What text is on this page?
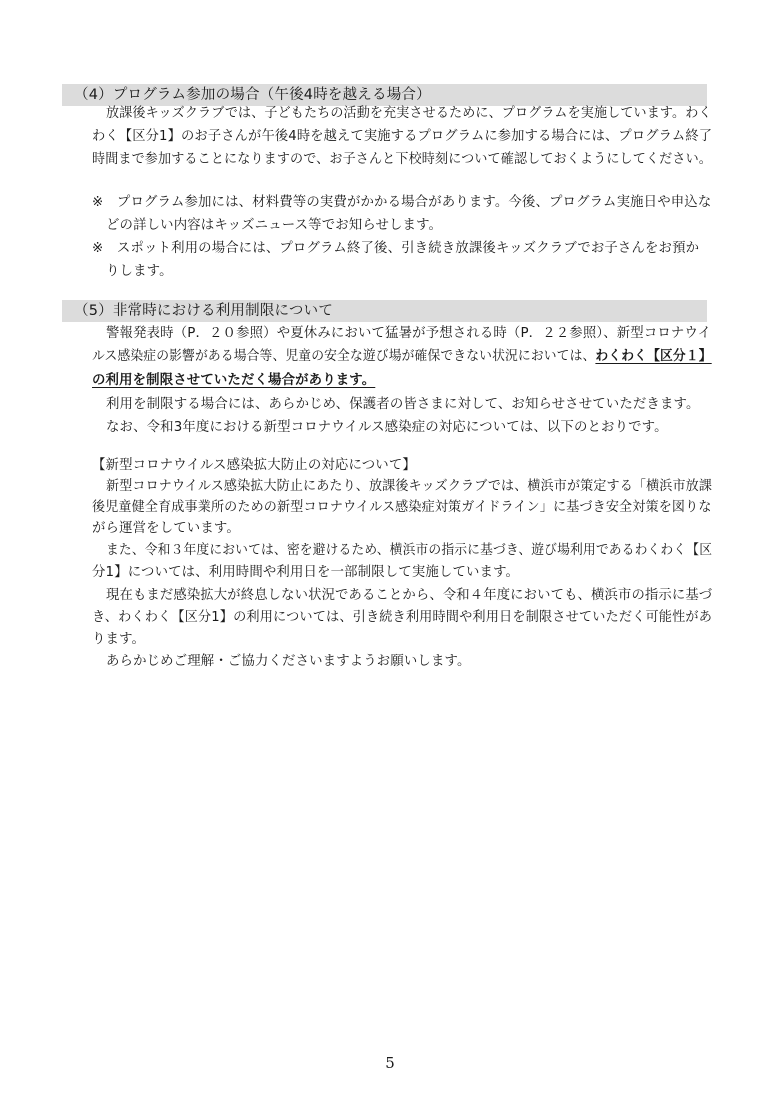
（4）プログラム参加の場合（午後4時を越える場合）
放課後キッズクラブでは、子どもたちの活動を充実させるために、プログラムを実施しています。わく
わく【区分1】のお子さんが午後4時を越えて実施するプログラムに参加する場合には、プログラム終了
時間まで参加することになりますので、お子さんと下校時刻について確認しておくようにしてください。
※　プログラム参加には、材料費等の実費がかかる場合があります。今後、プログラム実施日や申込な
どの詳しい内容はキッズニュース等でお知らせします。
※　スポット利用の場合には、プログラム終了後、引き続き放課後キッズクラブでお子さんをお預か
りします。
（5）非常時における利用制限について
警報発表時（P．２０参照）や夏休みにおいて猛暑が予想される時（P．２２参照）、新型コロナウイ
ルス感染症の影響がある場合等、児童の安全な遊び場が確保できない状況においては、わくわく【区分１】
の利用を制限させていただく場合があります。
利用を制限する場合には、あらかじめ、保護者の皆さまに対して、お知らせさせていただきます。
なお、令和3年度における新型コロナウイルス感染症の対応については、以下のとおりです。
【新型コロナウイルス感染拡大防止の対応について】
新型コロナウイルス感染拡大防止にあたり、放課後キッズクラブでは、横浜市が策定する「横浜市放課
後児童健全育成事業所のための新型コロナウイルス感染症対策ガイドライン」に基づき安全対策を図りな
がら運営をしています。
また、令和３年度においては、密を避けるため、横浜市の指示に基づき、遊び場利用であるわくわく【区
分1】については、利用時間や利用日を一部制限して実施しています。
現在もまだ感染拡大が終息しない状況であることから、令和４年度においても、横浜市の指示に基づ
き、わくわく【区分1】の利用については、引き続き利用時間や利用日を制限させていただく可能性があ
ります。
あらかじめご理解・ご協力くださいますようお願いします。
5
